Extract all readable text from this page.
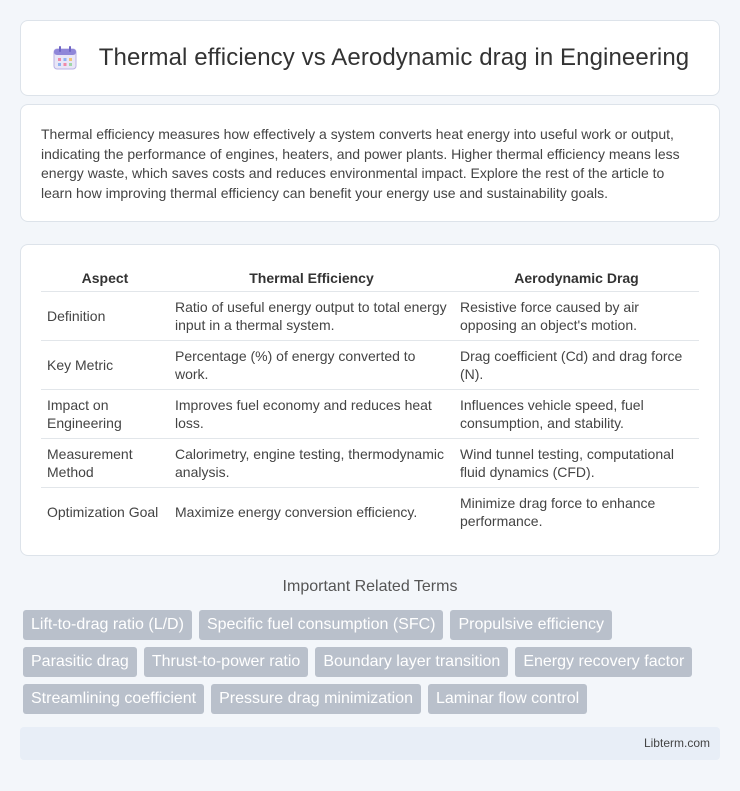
Thermal efficiency vs Aerodynamic drag in Engineering

Thermal efficiency measures how effectively a system converts heat energy into useful work or output, indicating the performance of engines, heaters, and power plants. Higher thermal efficiency means less energy waste, which saves costs and reduces environmental impact. Explore the rest of the article to learn how improving thermal efficiency can benefit your energy use and sustainability goals.

Aspect	Thermal Efficiency	Aerodynamic Drag
Definition	Ratio of useful energy output to total energy input in a thermal system.	Resistive force caused by air opposing an object's motion.
Key Metric	Percentage (%) of energy converted to work.	Drag coefficient (Cd) and drag force (N).
Impact on Engineering	Improves fuel economy and reduces heat loss.	Influences vehicle speed, fuel consumption, and stability.
Measurement Method	Calorimetry, engine testing, thermodynamic analysis.	Wind tunnel testing, computational fluid dynamics (CFD).
Optimization Goal	Maximize energy conversion efficiency.	Minimize drag force to enhance performance.
Important Related Terms
Lift-to-drag ratio (L/D)	Specific fuel consumption (SFC)	Propulsive efficiency
Parasitic drag	Thrust-to-power ratio	Boundary layer transition	Energy recovery factor
Streamlining coefficient	Pressure drag minimization	Laminar flow control
Libterm.com
